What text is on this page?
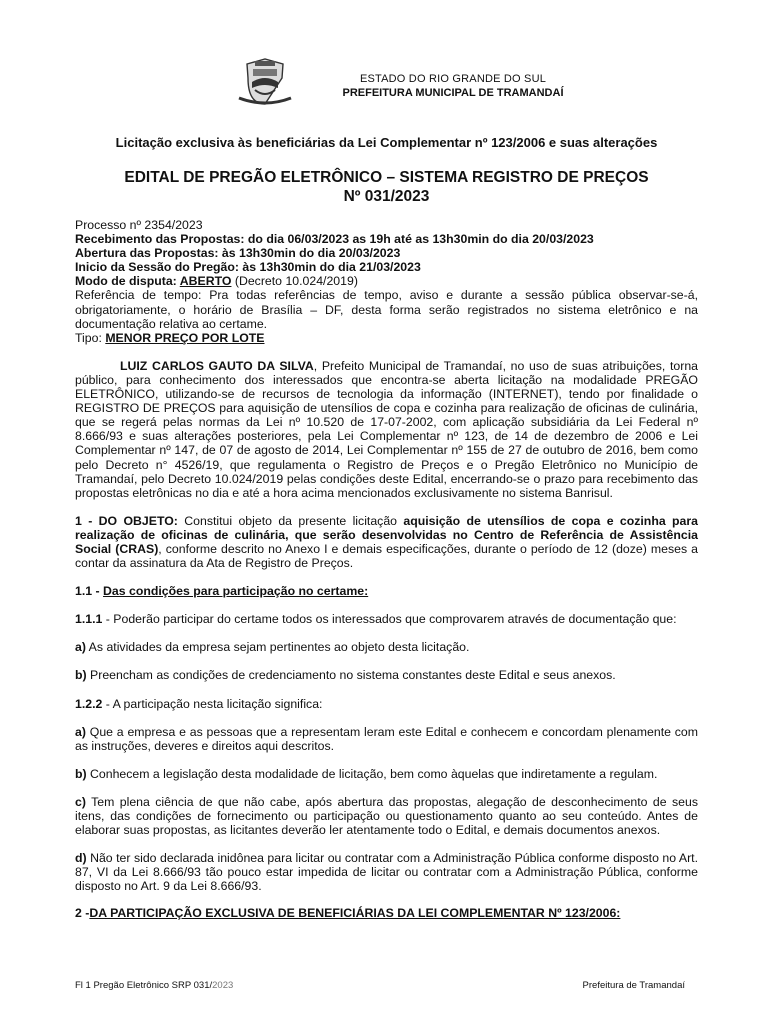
ESTADO DO RIO GRANDE DO SUL
PREFEITURA MUNICIPAL DE TRAMANDAÍ
Licitação exclusiva às beneficiárias da Lei Complementar nº 123/2006 e suas alterações
EDITAL DE PREGÃO ELETRÔNICO – SISTEMA REGISTRO DE PREÇOS
Nº 031/2023

Processo nº 2354/2023

Recebimento das Propostas: do dia 06/03/2023 as 19h até as 13h30min do dia 20/03/2023

Abertura das Propostas: às 13h30min do dia 20/03/2023

Inicio da Sessão do Pregão: às 13h30min do dia 21/03/2023

Modo de disputa: ABERTO (Decreto 10.024/2019)

Referência de tempo: Pra todas referências de tempo, aviso e durante a sessão pública observar-se-á, obrigatoriamente, o horário de Brasília – DF, desta forma serão registrados no sistema eletrônico e na documentação relativa ao certame.

Tipo: MENOR PREÇO POR LOTE

LUIZ CARLOS GAUTO DA SILVA, Prefeito Municipal de Tramandaí, no uso de suas atribuições, torna público, para conhecimento dos interessados que encontra-se aberta licitação na modalidade PREGÃO ELETRÔNICO, utilizando-se de recursos de tecnologia da informação (INTERNET), tendo por finalidade o REGISTRO DE PREÇOS para aquisição de utensílios de copa e cozinha para realização de oficinas de culinária, que se regerá pelas normas da Lei nº 10.520 de 17-07-2002, com aplicação subsidiária da Lei Federal nº 8.666/93 e suas alterações posteriores, pela Lei Complementar nº 123, de 14 de dezembro de 2006 e Lei Complementar nº 147, de 07 de agosto de 2014, Lei Complementar nº 155 de 27 de outubro de 2016, bem como pelo Decreto n° 4526/19, que regulamenta o Registro de Preços e o Pregão Eletrônico no Município de Tramandaí, pelo Decreto 10.024/2019 pelas condições deste Edital, encerrando-se o prazo para recebimento das propostas eletrônicas no dia e até a hora acima mencionados exclusivamente no sistema Banrisul.

1 - DO OBJETO: Constitui objeto da presente licitação aquisição de utensílios de copa e cozinha para realização de oficinas de culinária, que serão desenvolvidas no Centro de Referência de Assistência Social (CRAS), conforme descrito no Anexo I e demais especificações, durante o período de 12 (doze) meses a contar da assinatura da Ata de Registro de Preços.

1.1 - Das condições para participação no certame:

1.1.1 - Poderão participar do certame todos os interessados que comprovarem através de documentação que:

a) As atividades da empresa sejam pertinentes ao objeto desta licitação.

b) Preencham as condições de credenciamento no sistema constantes deste Edital e seus anexos.

1.2.2 - A participação nesta licitação significa:

a) Que a empresa e as pessoas que a representam leram este Edital e conhecem e concordam plenamente com as instruções, deveres e direitos aqui descritos.

b) Conhecem a legislação desta modalidade de licitação, bem como àquelas que indiretamente a regulam.

c) Tem plena ciência de que não cabe, após abertura das propostas, alegação de desconhecimento de seus itens, das condições de fornecimento ou participação ou questionamento quanto ao seu conteúdo. Antes de elaborar suas propostas, as licitantes deverão ler atentamente todo o Edital, e demais documentos anexos.

d) Não ter sido declarada inidônea para licitar ou contratar com a Administração Pública conforme disposto no Art. 87, VI da Lei 8.666/93 tão pouco estar impedida de licitar ou contratar com a Administração Pública, conforme disposto no Art. 9 da Lei 8.666/93.

2 -DA PARTICIPAÇÃO EXCLUSIVA DE BENEFICIÁRIAS DA LEI COMPLEMENTAR Nº 123/2006:

Fl 1 Pregão Eletrônico SRP 031/2023	Prefeitura de Tramandaí
